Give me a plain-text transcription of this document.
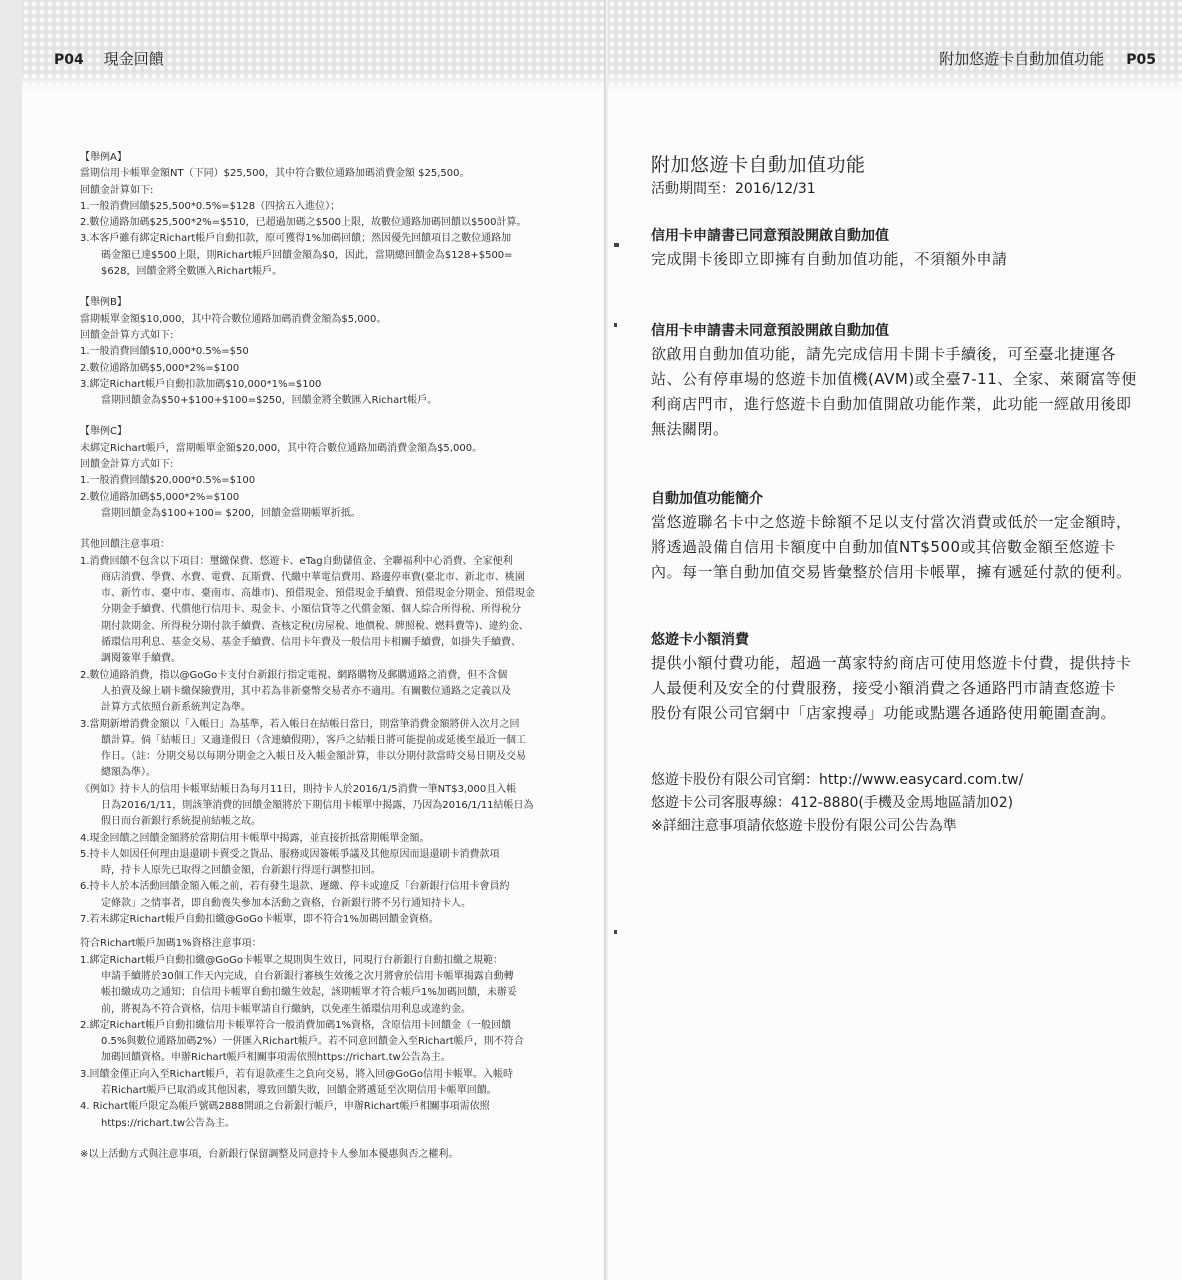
P04 現金回饋

【舉例A】

當期信用卡帳單金額NT（下同）$25,500，其中符合數位通路加碼消費金額 $25,500。

回饋金計算如下:

1.一般消費回饋$25,500*0.5%=$128（四捨五入進位）；

2.數位通路加碼$25,500*2%=$510，已超過加碼之$500上限，故數位通路加碼回饋以$500計算。

3.本客戶雖有綁定Richart帳戶自動扣款，原可獲得1%加碼回饋；然因優先回饋項目之數位通路加

碼金額已達$500上限，則Richart帳戶回饋金額為$0，因此，當期總回饋金為$128+$500=

$628，回饋金將全數匯入Richart帳戶。

【舉例B】

當期帳單金額$10,000，其中符合數位通路加碼消費金額為$5,000。

回饋金計算方式如下:

1.一般消費回饋$10,000*0.5%=$50

2.數位通路加碼$5,000*2%=$100

3.綁定Richart帳戶自動扣款加碼$10,000*1%=$100

當期回饋金為$50+$100+$100=$250，回饋金將全數匯入Richart帳戶。

【舉例C】

未綁定Richart帳戶，當期帳單金額$20,000，其中符合數位通路加碼消費金額為$5,000。

回饋金計算方式如下:

1.一般消費回饋$20,000*0.5%=$100

2.數位通路加碼$5,000*2%=$100

當期回饋金為$100+100= $200，回饋金當期帳單折抵。

其他回饋注意事項：

1.消費回饋不包含以下項目：璽繳保費、悠遊卡、eTag自動儲值金、全聯福利中心消費、全家便利

商店消費、學費、水費、電費、瓦斯費、代繳中華電信費用、路邊停車費(臺北市、新北市、桃園

市、新竹市、臺中市、臺南市、高雄市)、預借現金、預借現金手續費、預借現金分期金、預借現金

分期金手續費、代償他行信用卡、現金卡、小額信貸等之代償金額、個人綜合所得稅、所得稅分

期付款期金、所得稅分期付款手續費、查核定稅(房屋稅、地價稅、牌照稅、燃料費等)、違約金、

循環信用利息、基金交易、基金手續費、信用卡年費及一般信用卡相關手續費，如掛失手續費、

調閱簽單手續費。

2.數位通路消費，指以@GoGo卡支付台新銀行指定電視、網路購物及郵購通路之消費，但不含個

人拍賣及線上刷卡繳保險費用，其中若為非新臺幣交易者亦不適用。有關數位通路之定義以及

計算方式依照台新系統判定為準。

3.當期新增消費金額以「入帳日」為基準，若入帳日在結帳日當日，則當筆消費金額將併入次月之回

饋計算。倘「結帳日」又適逢假日（含連續假期），客戶之結帳日將可能提前或延後至最近一個工

作日。（註：分期交易以每期分期金之入帳日及入帳金額計算，非以分期付款當時交易日期及交易

總額為準）。

《例如》持卡人的信用卡帳單結帳日為每月11日，則持卡人於2016/1/5消費一筆NT$3,000且入帳

日為2016/1/11，則該筆消費的回饋金額將於下期信用卡帳單中揭露，乃因為2016/1/11結帳日為

假日而台新銀行系統提前結帳之故。

4.現金回饋之回饋金額將於當期信用卡帳單中揭露，並直接折抵當期帳單金額。

5.持卡人如因任何理由退還刷卡賣受之貨品、服務或因簽帳爭議及其他原因而退還刷卡消費款項

時，持卡人原先已取得之回饋金額，台新銀行得逕行調整扣回。

6.持卡人於本活動回饋金額入帳之前，若有發生退款、遲繳、停卡或違反「台新銀行信用卡會員約

定條款」之情事者，即自動喪失參加本活動之資格，台新銀行將不另行通知持卡人。

7.若未綁定Richart帳戶自動扣繳@GoGo卡帳單，即不符合1%加碼回饋金資格。

符合Richart帳戶加碼1%資格注意事項：

1.綁定Richart帳戶自動扣繳@GoGo卡帳單之規則與生效日，同現行台新銀行自動扣繳之規範：

申請手續將於30個工作天內完成，自台新銀行審核生效後之次月將會於信用卡帳單揭露自動轉

帳扣繳成功之通知；自信用卡帳單自動扣繳生效起，該期帳單才符合帳戶1%加碼回饋，未辦妥

前，將視為不符合資格，信用卡帳單請自行繳納，以免產生循環信用利息或違約金。

2.綁定Richart帳戶自動扣繳信用卡帳單符合一般消費加碼1%資格，含原信用卡回饋金（一般回饋

0.5%與數位通路加碼2%）一併匯入Richart帳戶。若不同意回饋金入至Richart帳戶，則不符合

加碼回饋資格。申辦Richart帳戶相關事項需依照https://richart.tw公告為主。

3.回饋金僅正向入至Richart帳戶，若有退款產生之負向交易，將入回@GoGo信用卡帳單。入帳時

若Richart帳戶已取消或其他因素，導致回饋失敗，回饋金將遞延至次期信用卡帳單回饋。

4. Richart帳戶限定為帳戶號碼2888開頭之台新銀行帳戶，申辦Richart帳戶相關事項需依照

https://richart.tw公告為主。

※以上活動方式與注意事項，台新銀行保留調整及同意持卡人參加本優惠與否之權利。

附加悠遊卡自動加值功能 P05

附加悠遊卡自動加值功能

活動期間至：2016/12/31

信用卡申請書已同意預設開啟自動加值

完成開卡後即立即擁有自動加值功能，不須額外申請

信用卡申請書未同意預設開啟自動加值

欲啟用自動加值功能，請先完成信用卡開卡手續後，可至臺北捷運各

站、公有停車場的悠遊卡加值機(AVM)或全臺7-11、全家、萊爾富等便

利商店門市，進行悠遊卡自動加值開啟功能作業，此功能一經啟用後即

無法關閉。

自動加值功能簡介

當悠遊聯名卡中之悠遊卡餘額不足以支付當次消費或低於一定金額時，

將透過設備自信用卡額度中自動加值NT$500或其倍數金額至悠遊卡

內。每一筆自動加值交易皆彙整於信用卡帳單，擁有遞延付款的便利。

悠遊卡小額消費

提供小額付費功能，超過一萬家特約商店可使用悠遊卡付費，提供持卡

人最便利及安全的付費服務，接受小額消費之各通路門市請查悠遊卡

股份有限公司官網中「店家搜尋」功能或點選各通路使用範圍查詢。

悠遊卡股份有限公司官網：http://www.easycard.com.tw/

悠遊卡公司客服專線：412-8880(手機及金馬地區請加02)

※詳細注意事項請依悠遊卡股份有限公司公告為準
